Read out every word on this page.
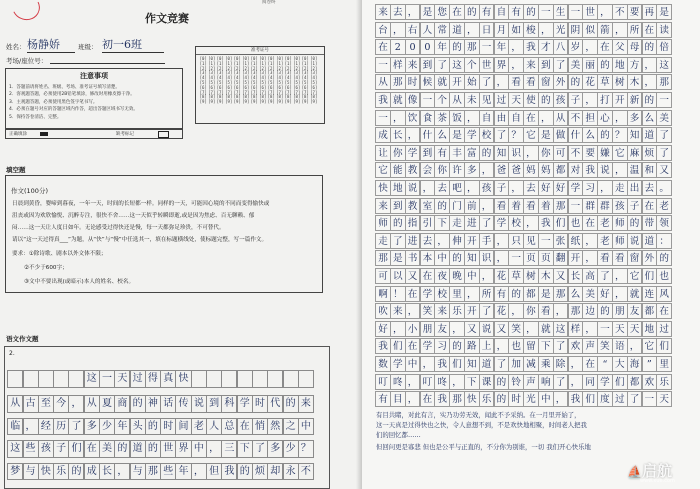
作文竞赛
姓名： 杨静娇	班级： 初一6班
考场/座位号：
准考证号
[0]
[1]
[2]
[3]
[4]
[5]
[6]
[7]
[8]
[9]
[0]
[1]
[2]
[3]
[4]
[5]
[6]
[7]
[8]
[9]
[0]
[1]
[2]
[3]
[4]
[5]
[6]
[7]
[8]
[9]
[0]
[1]
[2]
[3]
[4]
[5]
[6]
[7]
[8]
[9]
[0]
[1]
[2]
[3]
[4]
[5]
[6]
[7]
[8]
[9]
[0]
[1]
[2]
[3]
[4]
[5]
[6]
[7]
[8]
[9]
[0]
[1]
[2]
[3]
[4]
[5]
[6]
[7]
[8]
[9]
[0]
[1]
[2]
[3]
[4]
[5]
[6]
[7]
[8]
[9]
[0]
[1]
[2]
[3]
[4]
[5]
[6]
[7]
[8]
[9]
[0]
[1]
[2]
[3]
[4]
[5]
[6]
[7]
[8]
[9]
[0]
[1]
[2]
[3]
[4]
[5]
[6]
[7]
[8]
[9]
[0]
[1]
[2]
[3]
[4]
[5]
[6]
[7]
[8]
[9]
[0]
[1]
[2]
[3]
[4]
[5]
[6]
[7]
[8]
[9]
[0]
[1]
[2]
[3]
[4]
[5]
[6]
[7]
[8]
[9]
注意事项
1．答题前请将姓名、班级、考场、准考证号填写清楚。
2．客观题答题，必须使用2B铅笔填涂，修改时用橡皮擦干净。
3．主观题答题，必须使用黑色签字笔书写。
4．必须在题号对应的答题区域内作答，超出答题区域书写无效。
5．保持答卷清洁、完整。
正确填涂	缺考标记
填空题
作文(100分)
日晨到黄昏，婴啼到暮夜，一年一天，时间的长短都一样。同样的一天，可能因心境的不同而变得愉快或
沮丧或因为欢欣愉悦、沉醉专注，很快不舍……这一天似乎转瞬即逝,或是因为焦虑、百无聊赖、郁
闷……这一天让人度日如年。无论感受过得快还是慢，每一天都弥足珍贵，不可替代。
请以“这一天过得真___”为题，从“快”与“慢”中任选其一，填在标题横线处，使标题完整，写一篇作文。
要求：①除诗歌、剧本以外文体不限；
②不少于600字；
③文中不要出现(或暗示)本人的姓名、校名。
语文作文题
2.
这 一 天 过 得 真 快
从 古 至 今 ， 从 夏 商 的 神 话 传 说 到 科 学 时 代 的 来
临 ， 经 历 了 多 少 年 头 的 时 间 老 人 总 在 悄 然 之 中
这 些 孩 子 们 在 美 的 道 的 世 界 中 ， 三 下 了 多 少 ？
梦 与 快 乐 的 成 长 ， 与 那 些 年 ， 但 我 的 烦 却 永 不
阅卷终
来 去 ， 是 您 在 的 有 自 有 的 一 生 一 世 ， 不 要 再 是
台 ， 右 人 常 道 ， 日 月 如 梭 ， 光 阴 似 箭 ， 所 在 读
在 2 0 0 年 的 那 一 年 ， 我 才 八 岁 ， 在 父 母 的 倍
一 样 来 到 了 这 个 世 界 ， 来 到 了 美 丽 的 地 方 ， 这
从 那 时 候 就 开 始 了 ， 看 看 窗 外 的 花 草 树 木 ， 那
我 就 像 一 个 从 未 见 过 天 使 的 孩 子 ， 打 开 新 的 一
一 ， 饮 食 茶 饭 ， 自 由 自 在 ， 从 不 担 心 ， 多 么 美
成 长 ， 什 么 是 学 校 了 ？ 它 是 做 什 么 的 ？ 知 道 了
让 你 学 到 有 丰 富 的 知 识 ， 你 可 不 要 嫌 它 麻 烦 了
它 能 教 会 你 许 多 ， 爸 爸 妈 妈 都 对 我 说 ， 温 和 又
快 地 说 ， 去 吧 ， 孩 子 ， 去 好 好 学 习 ， 走 出 去 。
来 到 教 室 的 门 前 ， 看 着 看 着 那 一 群 群 孩 子 在 老
师 的 指 引 下 走 进 了 学 校 ， 我 们 也 在 老 师 的 带 领
走 了 进 去 ， 伸 开 手 ， 只 见 一 张 纸 ， 老 师 说 道 ：
那 是 书 本 中 的 知 识 ， 一 页 页 翻 开 ， 看 看 窗 外 的
可 以 又 在 夜 晚 中 ， 花 草 树 木 又 长 高 了 ， 它 们 也
啊 ！ 在 学 校 里 ， 所 有 的 都 是 那 么 美 好 ， 就 连 风
吹 来 ， 笑 来 乐 开 了 花 ， 你 看 ， 那 边 的 朋 友 都 在
好 ， 小 朋 友 ， 又 说 又 笑 ， 就 这 样 ， 一 天 天 地 过
我 们 在 学 习 的 路 上 ， 也 留 下 了 欢 声 笑 语 ， 它 们
数 学 中 ， 我 们 知 道 了 加 减 乘 除 ， 在 “ 大 海 ” 里
叮 咚 ， 叮 咚 ， 下 课 的 铃 声 响 了 ， 同 学 们 都 欢 乐
有 目 ， 在 我 那 快 乐 的 时 光 中 ， 我 们 度 过 了 一 天
有目共睹，对此有言，实乃功劳无效，闻此不予采纳。在一月里开始了，
这一天真是过得快也之快，令人意想不到，不是欢快地相聚，时间老人把我
们的回忆都……
但回问更是寡悲 但也是公平与正直的，不分你为别谁，一切 我们开心快乐地
⛵启航
www.xue.com
